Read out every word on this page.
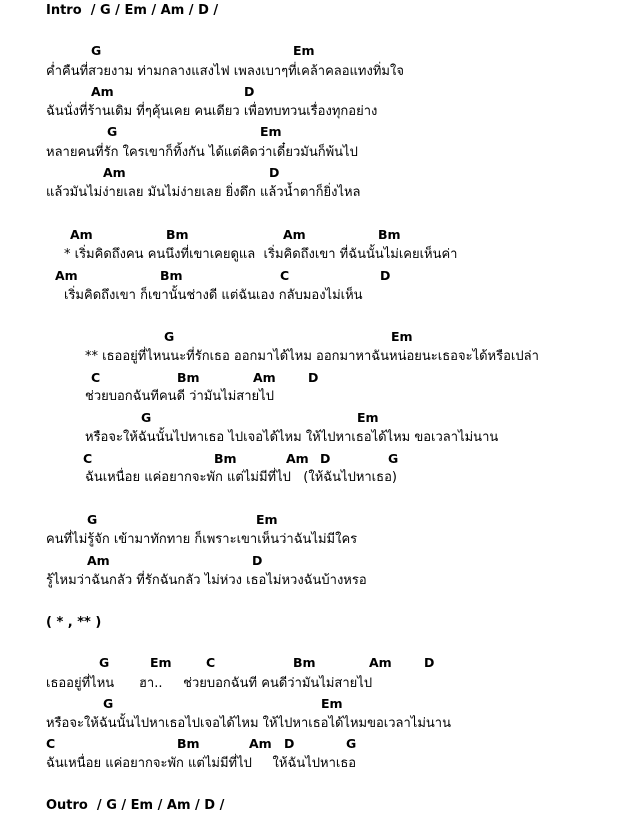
Intro  / G / Em / Am / D /
G	Em
ค่ำคืนที่สวยงาม ท่ามกลางแสงไฟ เพลงเบาๆที่เคล้าคลอแทงทิ่มใจ
Am	D
ฉันนั่งที่ร้านเดิม ที่ๆคุ้นเคย คนเดียว เพื่อทบทวนเรื่องทุกอย่าง
G	Em
หลายคนที่รัก ใครเขาก็ทิ้งกัน ได้แต่คิดว่าเดี๋ยวมันก็พ้นไป
Am	D
แล้วมันไม่ง่ายเลย มันไม่ง่ายเลย ยิ่งดึก แล้วน้ำตาก็ยิ่งไหล
Am	Bm	Am	Bm
* เริ่มคิดถึงคน คนนึงที่เขาเคยดูแล  เริ่มคิดถึงเขา ที่ฉันนั้นไม่เคยเห็นค่า
Am	Bm	C	D
เริ่มคิดถึงเขา ก็เขานั้นช่างดี แต่ฉันเอง กลับมองไม่เห็น
G	Em
** เธออยู่ที่ไหนนะที่รักเธอ ออกมาได้ไหม ออกมาหาฉันหน่อยนะเธอจะได้หรือเปล่า
C	Bm	Am	D
ช่วยบอกฉันทีคนดี ว่ามันไม่สายไป
G	Em
หรือจะให้ฉันนั้นไปหาเธอ ไปเจอได้ไหม ให้ไปหาเธอได้ไหม ขอเวลาไม่นาน
C	Bm	Am D	G
ฉันเหนื่อย แค่อยากจะพัก แต่ไม่มีที่ไป   (ให้ฉันไปหาเธอ)
G	Em
คนที่ไม่รู้จัก เข้ามาทักทาย ก็เพราะเขาเห็นว่าฉันไม่มีใคร
Am	D
รู้ไหมว่าฉันกลัว ที่รักฉันกลัว ไม่ห่วง เธอไม่หวงฉันบ้างหรอ
( * , ** )
G	Em	C	Bm	Am	D
เธออยู่ที่ไหน      ฮา..     ช่วยบอกฉันที คนดีว่ามันไม่สายไป
G	Em
หรือจะให้ฉันนั้นไปหาเธอไปเจอได้ไหม ให้ไปหาเธอได้ไหมขอเวลาไม่นาน
C	Bm	Am D	G
ฉันเหนื่อย แค่อยากจะพัก แต่ไม่มีที่ไป     ให้ฉันไปหาเธอ
Outro  / G / Em / Am / D /
